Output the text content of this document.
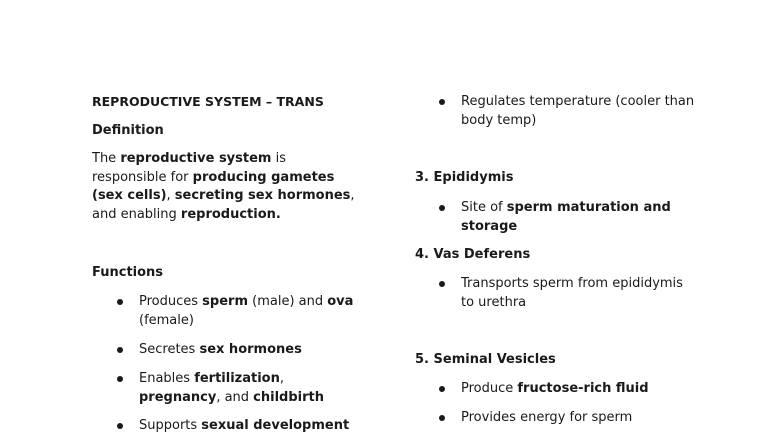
REPRODUCTIVE SYSTEM – TRANS

Definition

The reproductive system is responsible for producing gametes (sex cells), secreting sex hormones, and enabling reproduction.

Functions

Produces sperm (male) and ova (female)

Secretes sex hormones

Enables fertilization, pregnancy, and childbirth

Supports sexual development

Regulates temperature (cooler than body temp)

3. Epididymis

Site of sperm maturation and storage

4. Vas Deferens

Transports sperm from epididymis to urethra

5. Seminal Vesicles

Produce fructose-rich fluid

Provides energy for sperm
